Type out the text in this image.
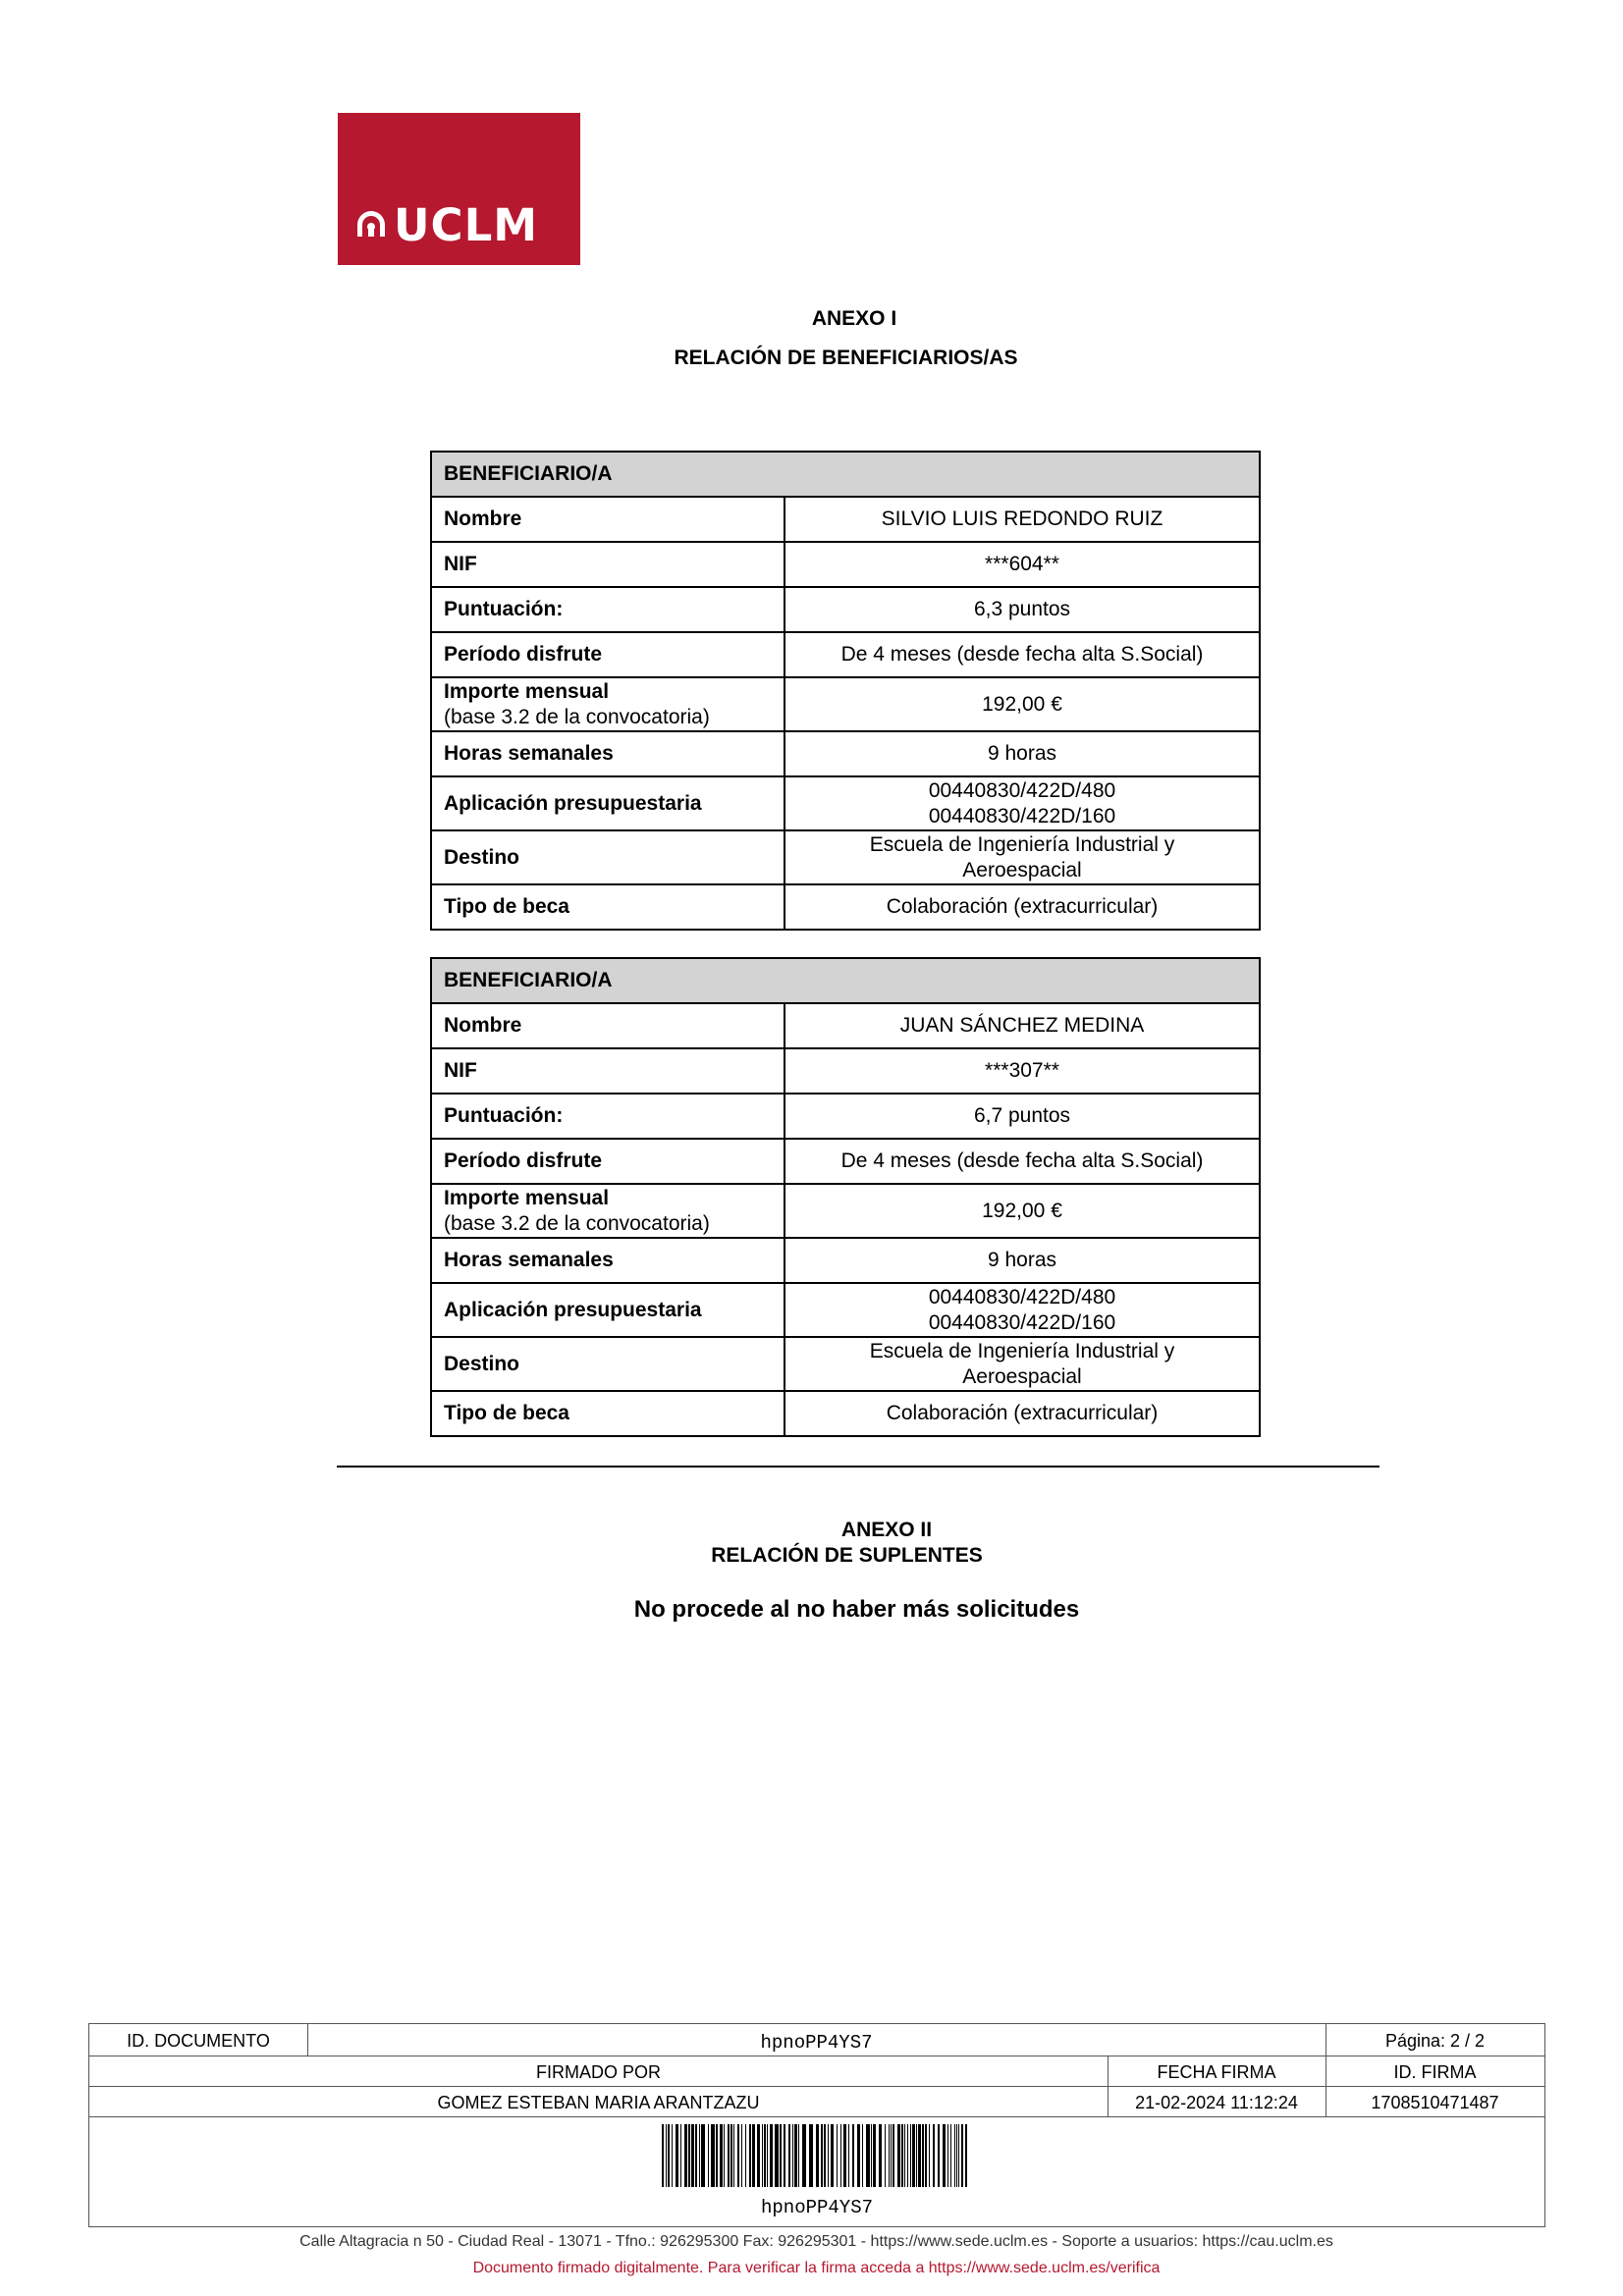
UCLM
ANEXO I
RELACIÓN DE BENEFICIARIOS/AS
BENEFICIARIO/A	
Nombre	SILVIO LUIS REDONDO RUIZ
NIF	***604**
Puntuación:	6,3 puntos
Período disfrute	De 4 meses (desde fecha alta S.Social)
Importe mensual
(base 3.2 de la convocatoria)	192,00 €
Horas semanales	9 horas
Aplicación presupuestaria	00440830/422D/480
00440830/422D/160

Destino	Escuela de Ingeniería Industrial y
Aeroespacial

Tipo de beca	Colaboración (extracurricular)
BENEFICIARIO/A	
Nombre	JUAN SÁNCHEZ MEDINA
NIF	***307**
Puntuación:	6,7 puntos
Período disfrute	De 4 meses (desde fecha alta S.Social)
Importe mensual
(base 3.2 de la convocatoria)	192,00 €
Horas semanales	9 horas
Aplicación presupuestaria	00440830/422D/480
00440830/422D/160

Destino	Escuela de Ingeniería Industrial y
Aeroespacial

Tipo de beca	Colaboración (extracurricular)
ANEXO II
RELACIÓN DE SUPLENTES
No procede al no haber más solicitudes
ID. DOCUMENTO	hpnoPP4YS7	Página: 2 / 2
FIRMADO POR	FECHA FIRMA	ID. FIRMA
GOMEZ ESTEBAN MARIA ARANTZAZU	21-02-2024 11:12:24	1708510471487
hpnoPP4YS7
Calle Altagracia n 50 - Ciudad Real - 13071 - Tfno.: 926295300 Fax: 926295301 - https://www.sede.uclm.es - Soporte a usuarios: https://cau.uclm.es
Documento firmado digitalmente. Para verificar la firma acceda a https://www.sede.uclm.es/verifica
